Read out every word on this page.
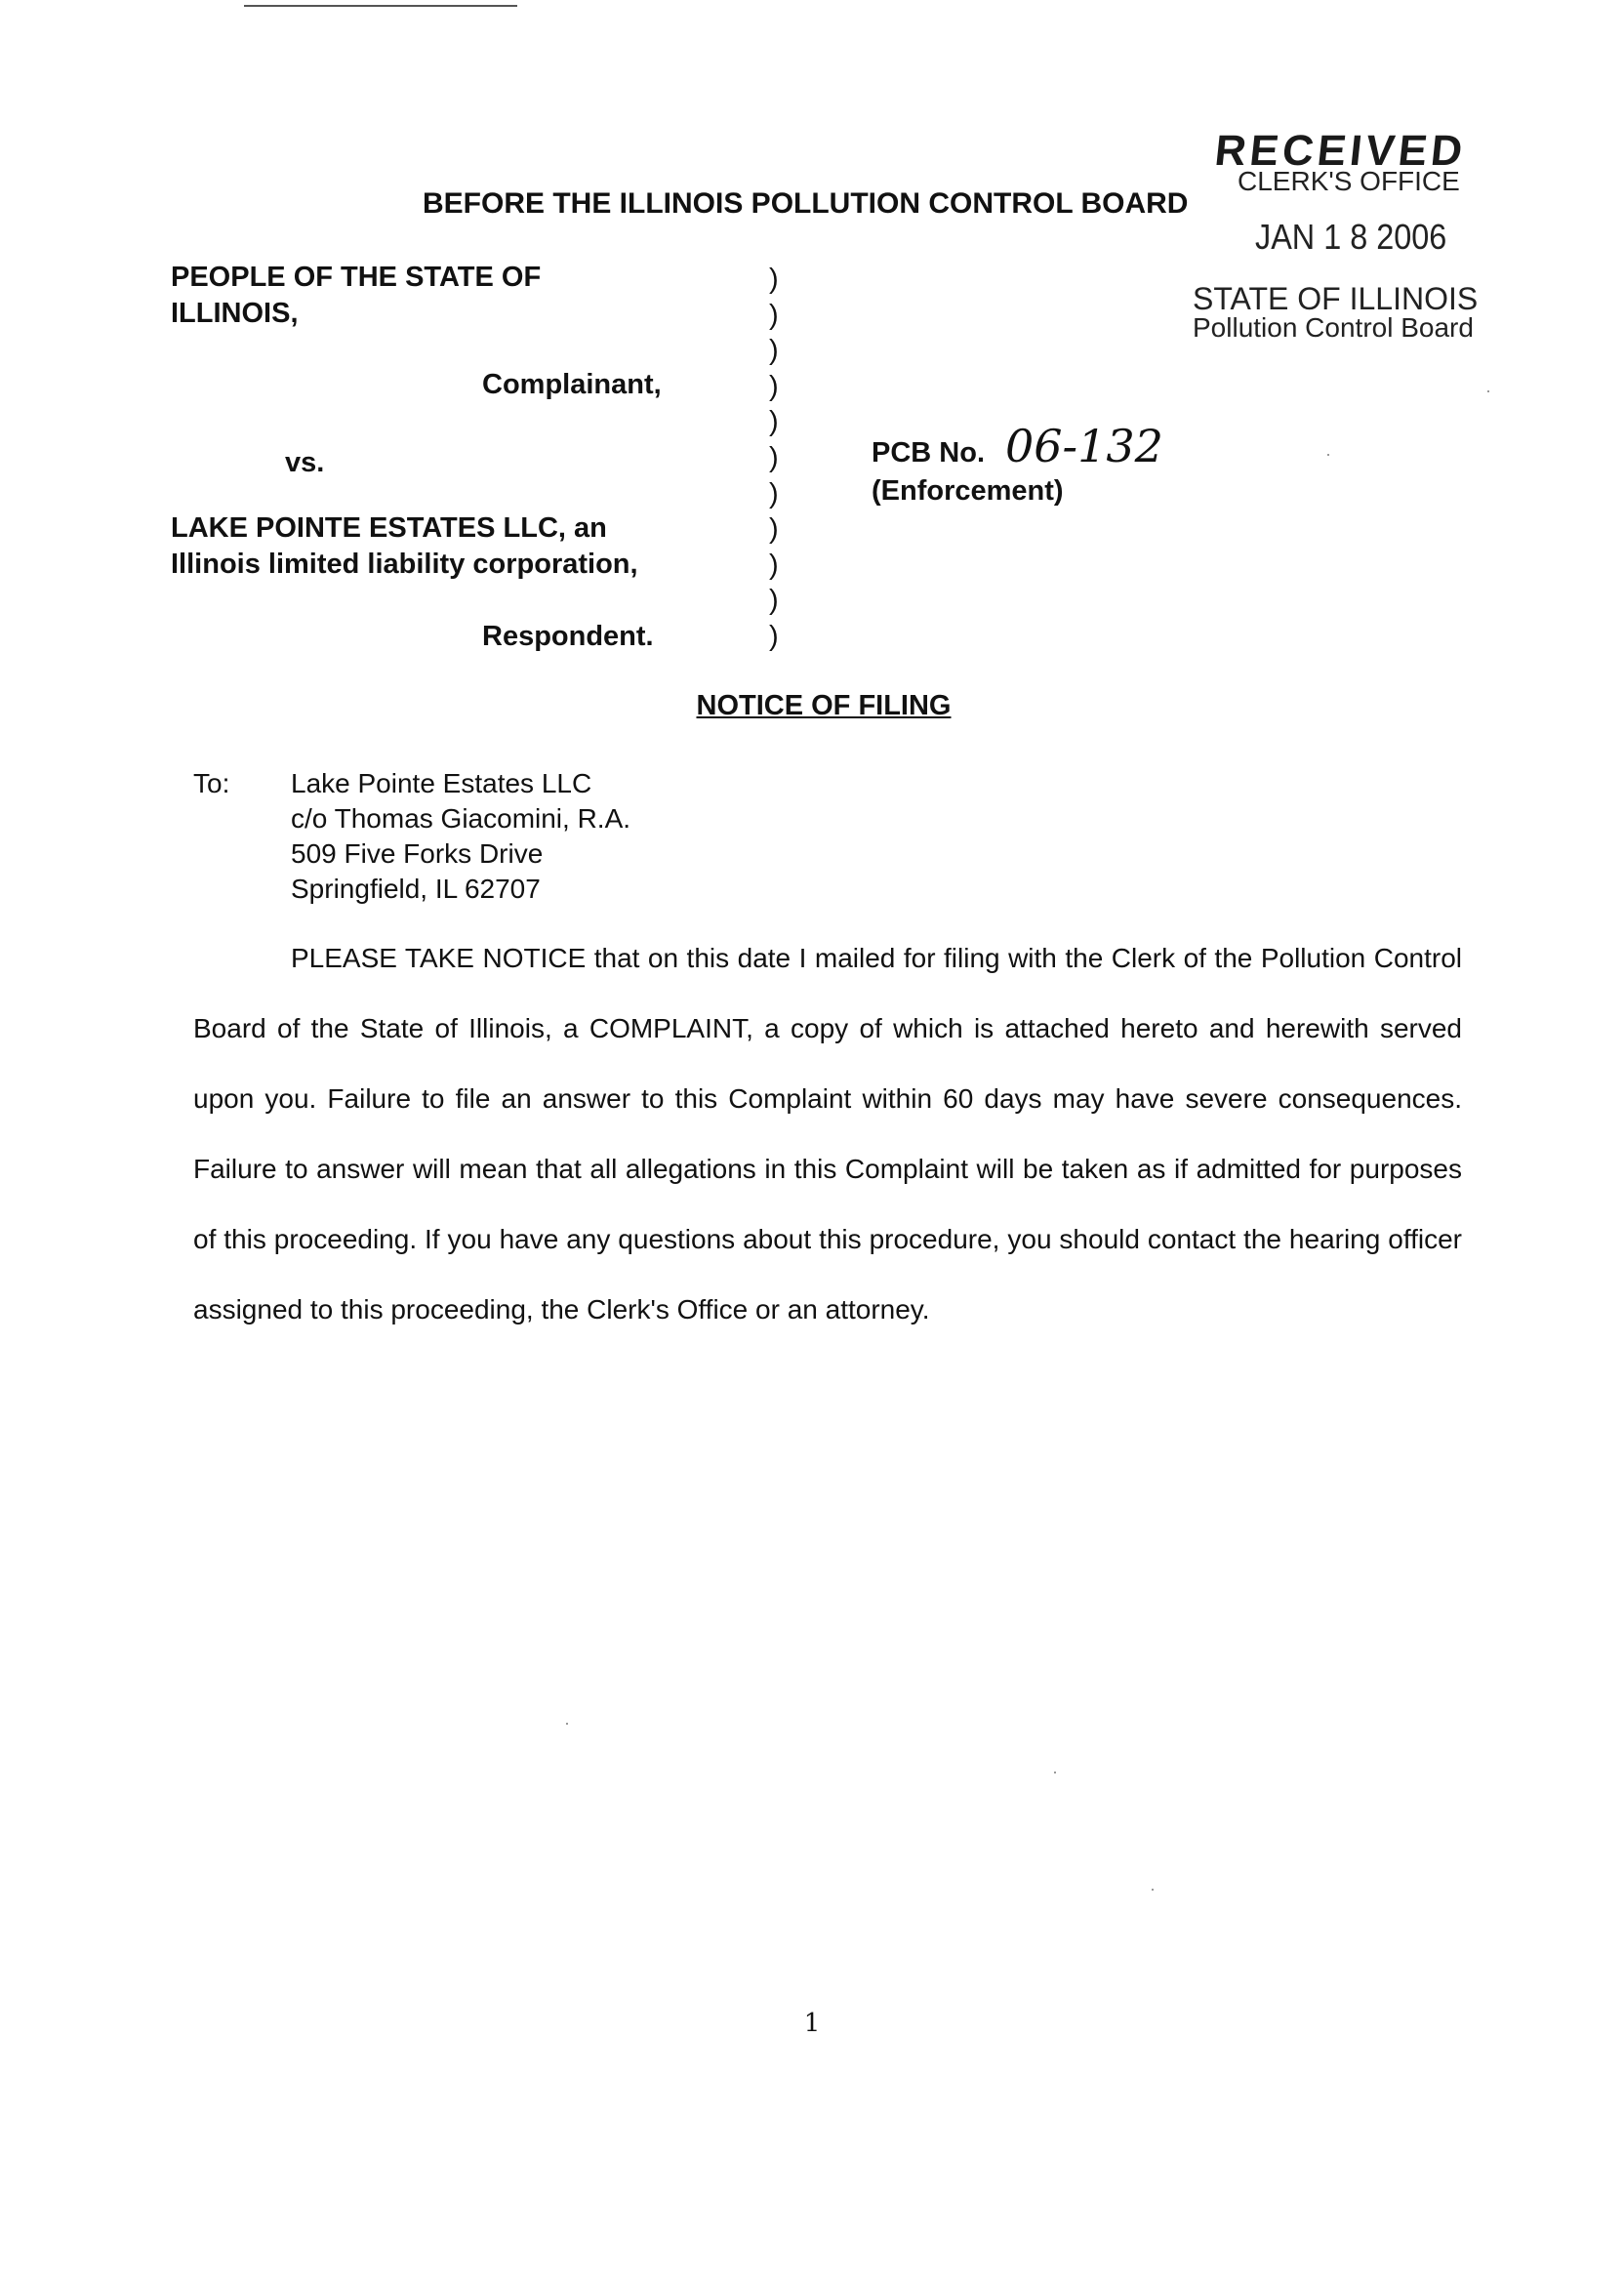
RECEIVED
CLERK'S OFFICE
JAN 1 8 2006
STATE OF ILLINOIS
Pollution Control Board
BEFORE THE ILLINOIS POLLUTION CONTROL BOARD
PEOPLE OF THE STATE OF
ILLINOIS,
Complainant,
vs.
LAKE POINTE ESTATES LLC, an
Illinois limited liability corporation,
Respondent.
)
)
)
)
)
)
)
)
)
)
)
PCB No. 06-132
(Enforcement)
NOTICE OF FILING
To: Lake Pointe Estates LLC
c/o Thomas Giacomini, R.A.
509 Five Forks Drive
Springfield, IL 62707
PLEASE TAKE NOTICE that on this date I mailed for filing with the Clerk of the Pollution Control Board of the State of Illinois, a COMPLAINT, a copy of which is attached hereto and herewith served upon you. Failure to file an answer to this Complaint within 60 days may have severe consequences. Failure to answer will mean that all allegations in this Complaint will be taken as if admitted for purposes of this proceeding. If you have any questions about this procedure, you should contact the hearing officer assigned to this proceeding, the Clerk's Office or an attorney.
1
